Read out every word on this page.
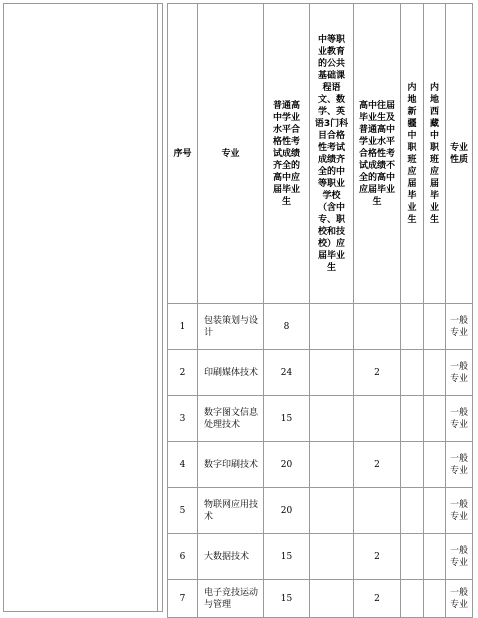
序号	专业	普通高中学业水平合格性考试成绩齐全的高中应届毕业生	中等职业教育的公共基础课程语文、数学、英语3门科目合格性考试成绩齐全的中等职业学校（含中专、职校和技校）应届毕业生	高中往届毕业生及普通高中学业水平合格性考试成绩不全的高中应届毕业生	内地新疆中职班应届毕业生	内地西藏中职班应届毕业生	专业性质
1	包装策划与设计	8					一般专业
2	印刷媒体技术	24		2			一般专业
3	数字图文信息处理技术	15					一般专业
4	数字印刷技术	20		2			一般专业
5	物联网应用技术	20					一般专业
6	大数据技术	15		2			一般专业
7	电子竞技运动与管理	15		2			一般专业
